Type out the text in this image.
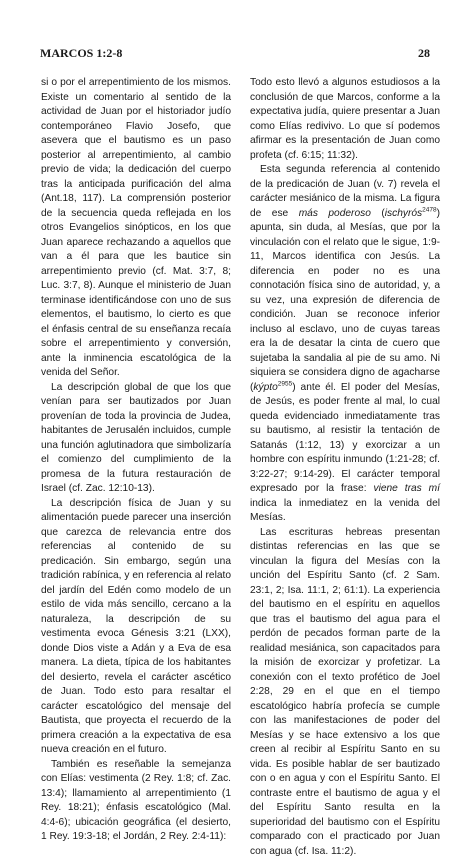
MARCOS 1:2-8	28

si o por el arrepentimiento de los mismos. Existe un comentario al sentido de la actividad de Juan por el historiador judío contemporáneo Flavio Josefo, que asevera que el bautismo es un paso posterior al arrepentimiento, al cambio previo de vida; la dedicación del cuerpo tras la anticipada purificación del alma (Ant.18, 117). La comprensión posterior de la secuencia queda reflejada en los otros Evangelios sinópticos, en los que Juan aparece rechazando a aquellos que van a él para que les bautice sin arrepentimiento previo (cf. Mat. 3:7, 8; Luc. 3:7, 8). Aunque el ministerio de Juan terminase identificándose con uno de sus elementos, el bautismo, lo cierto es que el énfasis central de su enseñanza recaía sobre el arrepentimiento y conversión, ante la inminencia escatológica de la venida del Señor.

La descripción global de que los que venían para ser bautizados por Juan provenían de toda la provincia de Judea, habitantes de Jerusalén incluidos, cumple una función aglutinadora que simbolizaría el comienzo del cumplimiento de la promesa de la futura restauración de Israel (cf. Zac. 12:10-13).

La descripción física de Juan y su alimentación puede parecer una inserción que carezca de relevancia entre dos referencias al contenido de su predicación. Sin embargo, según una tradición rabínica, y en referencia al relato del jardín del Edén como modelo de un estilo de vida más sencillo, cercano a la naturaleza, la descripción de su vestimenta evoca Génesis 3:21 (LXX), donde Dios viste a Adán y a Eva de esa manera. La dieta, típica de los habitantes del desierto, revela el carácter ascético de Juan. Todo esto para resaltar el carácter escatológico del mensaje del Bautista, que proyecta el recuerdo de la primera creación a la expectativa de esa nueva creación en el futuro.

También es reseñable la semejanza con Elías: vestimenta (2 Rey. 1:8; cf. Zac. 13:4); llamamiento al arrepentimiento (1 Rey. 18:21); énfasis escatológico (Mal. 4:4-6); ubicación geográfica (el desierto, 1 Rey. 19:3-18; el Jordán, 2 Rey. 2:4-11):

Todo esto llevó a algunos estudiosos a la conclusión de que Marcos, conforme a la expectativa judía, quiere presentar a Juan como Elías redivivo. Lo que sí podemos afirmar es la presentación de Juan como profeta (cf. 6:15; 11:32).

Esta segunda referencia al contenido de la predicación de Juan (v. 7) revela el carácter mesiánico de la misma. La figura de ese más poderoso (ischyrós$^{2478}$) apunta, sin duda, al Mesías, que por la vinculación con el relato que le sigue, 1:9-11, Marcos identifica con Jesús. La diferencia en poder no es una connotación física sino de autoridad, y, a su vez, una expresión de diferencia de condición. Juan se reconoce inferior incluso al esclavo, uno de cuyas tareas era la de desatar la cinta de cuero que sujetaba la sandalia al pie de su amo. Ni siquiera se considera digno de agacharse (kýpto$^{2955}$) ante él. El poder del Mesías, de Jesús, es poder frente al mal, lo cual queda evidenciado inmediatamente tras su bautismo, al resistir la tentación de Satanás (1:12, 13) y exorcizar a un hombre con espíritu inmundo (1:21-28; cf. 3:22-27; 9:14-29). El carácter temporal expresado por la frase: viene tras mí indica la inmediatez en la venida del Mesías.

Las escrituras hebreas presentan distintas referencias en las que se vinculan la figura del Mesías con la unción del Espíritu Santo (cf. 2 Sam. 23:1, 2; Isa. 11:1, 2; 61:1). La experiencia del bautismo en el espíritu en aquellos que tras el bautismo del agua para el perdón de pecados forman parte de la realidad mesiánica, son capacitados para la misión de exorcizar y profetizar. La conexión con el texto profético de Joel 2:28, 29 en el que en el tiempo escatológico habría profecía se cumple con las manifestaciones de poder del Mesías y se hace extensivo a los que creen al recibir al Espíritu Santo en su vida. Es posible hablar de ser bautizado con o en agua y con el Espíritu Santo. El contraste entre el bautismo de agua y el del Espíritu Santo resulta en la superioridad del bautismo con el Espíritu comparado con el practicado por Juan con agua (cf. Isa. 11:2).
